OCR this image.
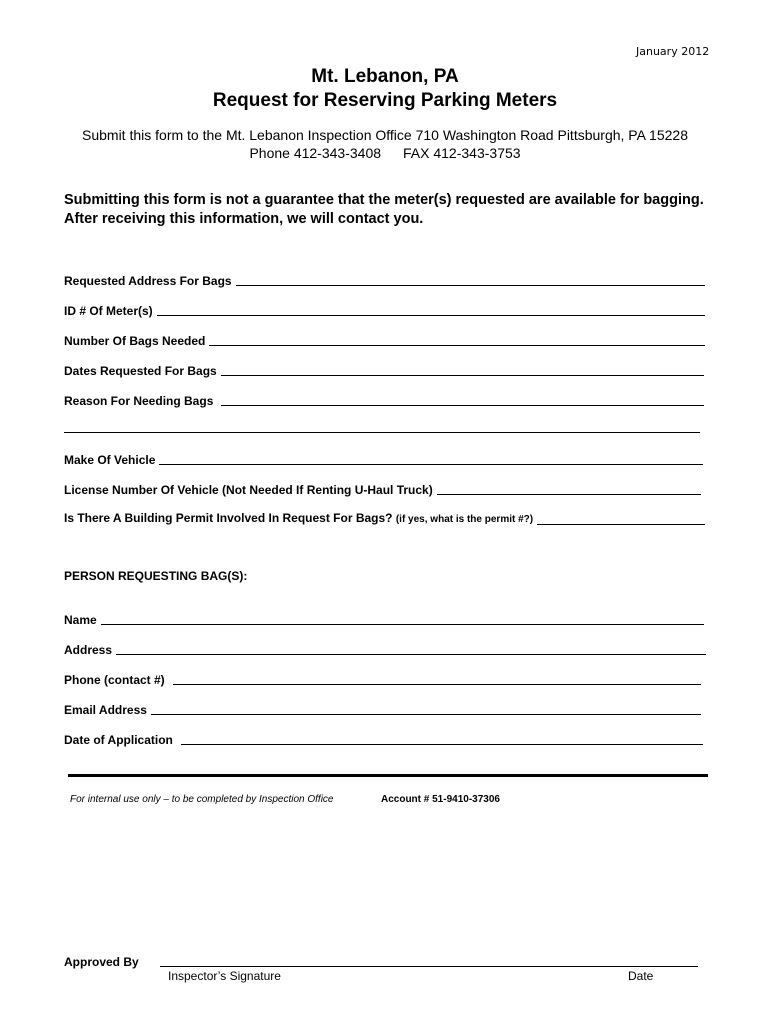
January 2012
Mt. Lebanon, PA
Request for Reserving Parking Meters
Submit this form to the Mt. Lebanon Inspection Office 710 Washington Road Pittsburgh, PA 15228
Phone 412-343-3408 FAX 412-343-3753
Submitting this form is not a guarantee that the meter(s) requested are available for bagging. After receiving this information, we will contact you.
Requested Address For Bags
ID # Of Meter(s)
Number Of Bags Needed
Dates Requested For Bags
Reason For Needing Bags
Make Of Vehicle
License Number Of Vehicle (Not Needed If Renting U-Haul Truck)
Is There A Building Permit Involved In Request For Bags? (if yes, what is the permit #?)
PERSON REQUESTING BAG(S):
Name
Address
Phone (contact #)
Email Address
Date of Application
For internal use only – to be completed by Inspection Office	Account # 51-9410-37306
Approved By
Inspector’s Signature	Date
